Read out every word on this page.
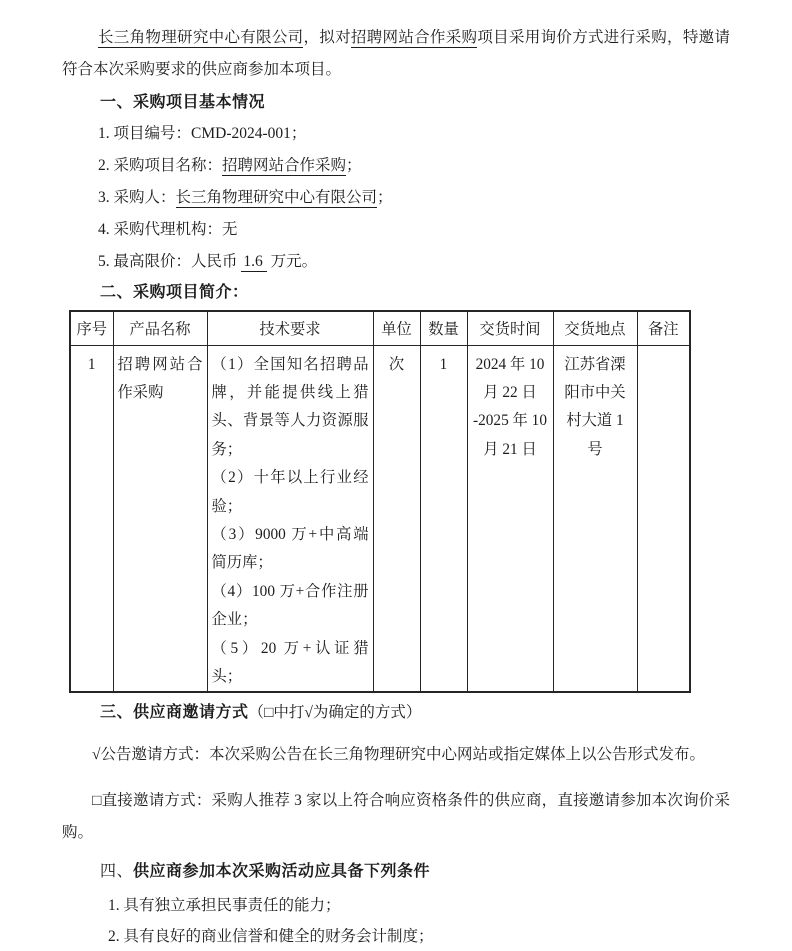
长三角物理研究中心有限公司，拟对招聘网站合作采购项目采用询价方式进行采购，特邀请符合本次采购要求的供应商参加本项目。

一、采购项目基本情况

1. 项目编号：CMD-2024-001；

2. 采购项目名称：招聘网站合作采购；

3. 采购人：长三角物理研究中心有限公司；

4. 采购代理机构：无

5. 最高限价：人民币 1.6 万元。

二、采购项目简介：

序号	产品名称	技术要求	单位	数量	交货时间	交货地点	备注
1	招聘网站合作采购	（1）全国知名招聘品牌，并能提供线上猎头、背景等人力资源服务；
（2）十年以上行业经验；
（3）9000 万+中高端简历库；
（4）100 万+合作注册企业；
（5）20 万+认证猎头；	次	1	2024 年 10 月 22 日 -2025 年 10 月 21 日	江苏省溧阳市中关村大道 1 号	

三、供应商邀请方式（□中打√为确定的方式）

√公告邀请方式：本次采购公告在长三角物理研究中心网站或指定媒体上以公告形式发布。

□直接邀请方式：采购人推荐 3 家以上符合响应资格条件的供应商，直接邀请参加本次询价采购。

四、供应商参加本次采购活动应具备下列条件

1. 具有独立承担民事责任的能力；

2. 具有良好的商业信誉和健全的财务会计制度；
